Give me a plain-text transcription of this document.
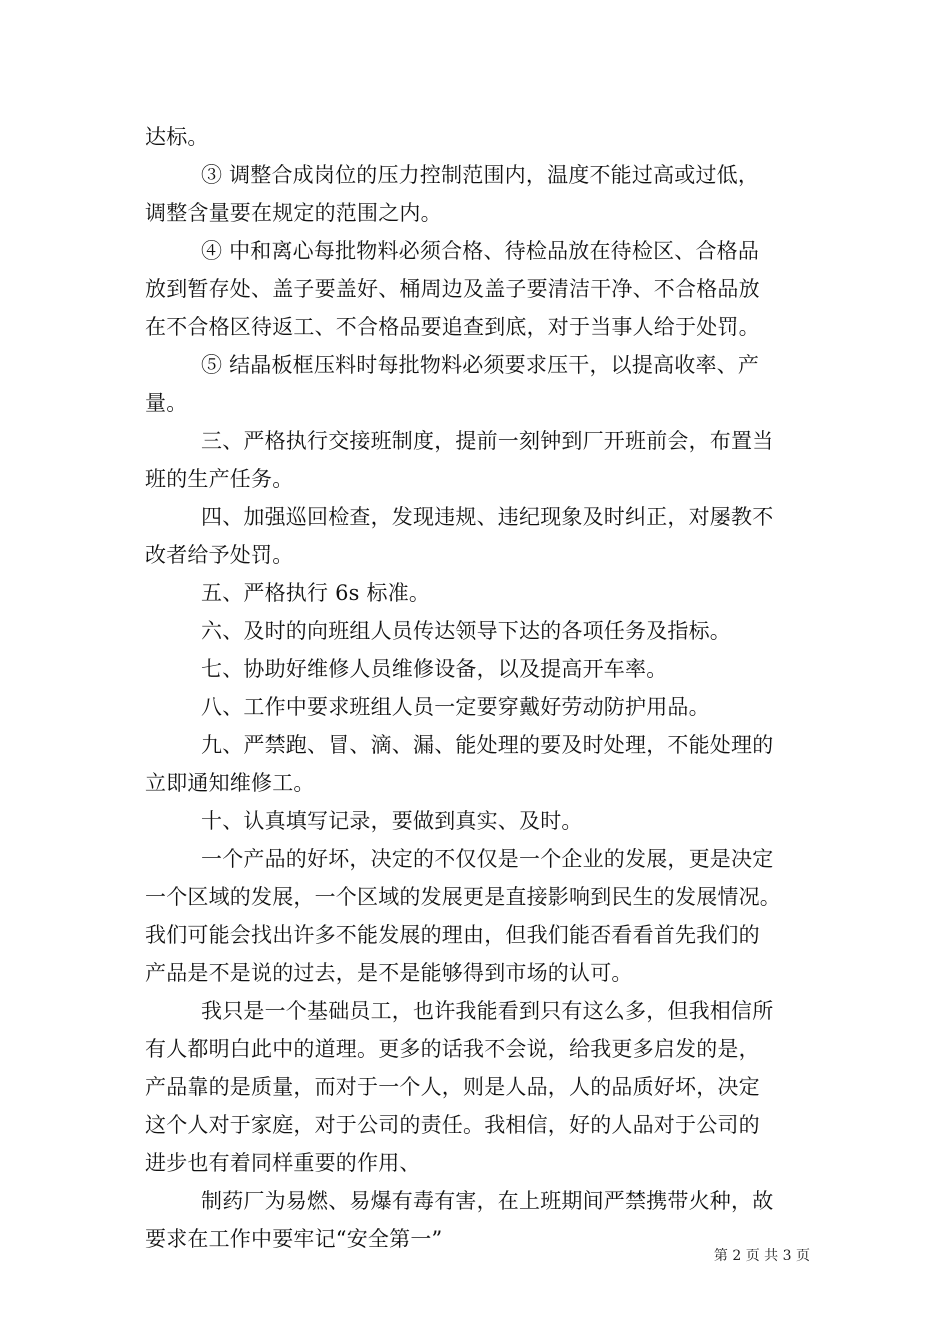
达标。
③ 调整合成岗位的压力控制范围内，温度不能过高或过低，
调整含量要在规定的范围之内。
④ 中和离心每批物料必须合格、待检品放在待检区、合格品
放到暂存处、盖子要盖好、桶周边及盖子要清洁干净、不合格品放
在不合格区待返工、不合格品要追查到底，对于当事人给于处罚。
⑤ 结晶板框压料时每批物料必须要求压干，以提高收率、产
量。
三、严格执行交接班制度，提前一刻钟到厂开班前会，布置当
班的生产任务。
四、加强巡回检查，发现违规、违纪现象及时纠正，对屡教不
改者给予处罚。
五、严格执行 6s 标准。
六、及时的向班组人员传达领导下达的各项任务及指标。
七、协助好维修人员维修设备，以及提高开车率。
八、工作中要求班组人员一定要穿戴好劳动防护用品。
九、严禁跑、冒、滴、漏、能处理的要及时处理，不能处理的
立即通知维修工。
十、认真填写记录，要做到真实、及时。
一个产品的好坏，决定的不仅仅是一个企业的发展，更是决定
一个区域的发展，一个区域的发展更是直接影响到民生的发展情况。
我们可能会找出许多不能发展的理由，但我们能否看看首先我们的
产品是不是说的过去，是不是能够得到市场的认可。
我只是一个基础员工，也许我能看到只有这么多，但我相信所
有人都明白此中的道理。更多的话我不会说，给我更多启发的是，
产品靠的是质量，而对于一个人，则是人品，人的品质好坏，决定
这个人对于家庭，对于公司的责任。我相信，好的人品对于公司的
进步也有着同样重要的作用、
制药厂为易燃、易爆有毒有害，在上班期间严禁携带火种，故
要求在工作中要牢记“安全第一”
第 2 页 共 3 页
